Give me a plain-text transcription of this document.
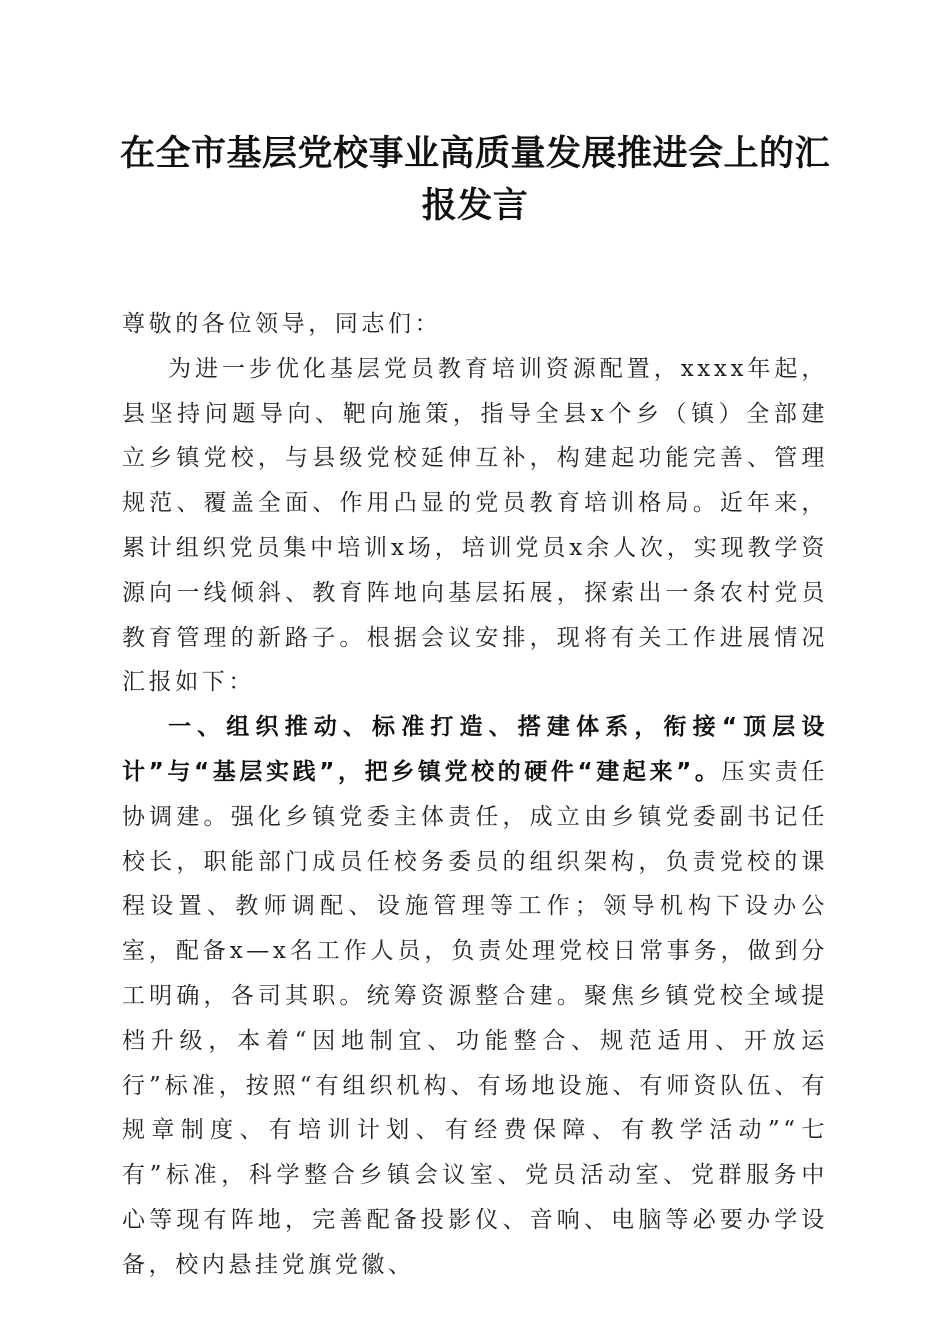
在全市基层党校事业高质量发展推进会上的汇报发言

尊敬的各位领导，同志们：

为进一步优化基层党员教育培训资源配置，xxxx年起，县坚持问题导向、靶向施策，指导全县x个乡（镇）全部建立乡镇党校，与县级党校延伸互补，构建起功能完善、管理规范、覆盖全面、作用凸显的党员教育培训格局。近年来，累计组织党员集中培训x场，培训党员x余人次，实现教学资源向一线倾斜、教育阵地向基层拓展，探索出一条农村党员教育管理的新路子。根据会议安排，现将有关工作进展情况汇报如下：

一、组织推动、标准打造、搭建体系，衔接“顶层设计”与“基层实践”，把乡镇党校的硬件“建起来”。压实责任协调建。强化乡镇党委主体责任，成立由乡镇党委副书记任校长，职能部门成员任校务委员的组织架构，负责党校的课程设置、教师调配、设施管理等工作；领导机构下设办公室，配备x—x名工作人员，负责处理党校日常事务，做到分工明确，各司其职。统筹资源整合建。聚焦乡镇党校全域提档升级，本着“因地制宜、功能整合、规范适用、开放运行”标准，按照“有组织机构、有场地设施、有师资队伍、有规章制度、有培训计划、有经费保障、有教学活动”“七有”标准，科学整合乡镇会议室、党员活动室、党群服务中心等现有阵地，完善配备投影仪、音响、电脑等必要办学设备，校内悬挂党旗党徽、
